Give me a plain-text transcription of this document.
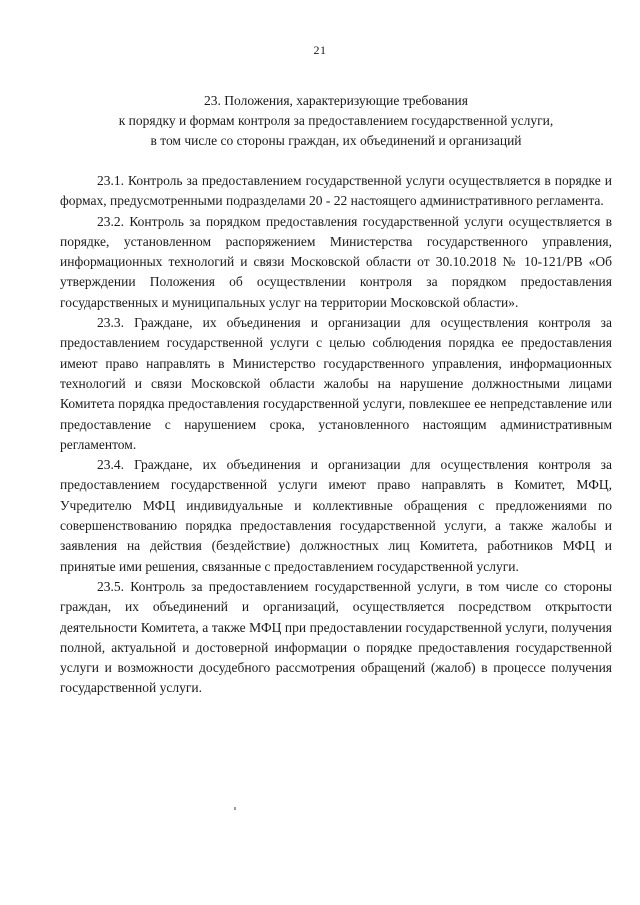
21
23. Положения, характеризующие требования
к порядку и формам контроля за предоставлением государственной услуги,
в том числе со стороны граждан, их объединений и организаций

23.1. Контроль за предоставлением государственной услуги осуществляется в порядке и формах, предусмотренными подразделами 20 - 22 настоящего административного регламента.

23.2. Контроль за порядком предоставления государственной услуги осуществляется в порядке, установленном распоряжением Министерства государственного управления, информационных технологий и связи Московской области от 30.10.2018 № 10-121/РВ «Об утверждении Положения об осуществлении контроля за порядком предоставления государственных и муниципальных услуг на территории Московской области».

23.3. Граждане, их объединения и организации для осуществления контроля за предоставлением государственной услуги с целью соблюдения порядка ее предоставления имеют право направлять в Министерство государственного управления, информационных технологий и связи Московской области жалобы на нарушение должностными лицами Комитета порядка предоставления государственной услуги, повлекшее ее непредставление или предоставление с нарушением срока, установленного настоящим административным регламентом.

23.4. Граждане, их объединения и организации для осуществления контроля за предоставлением государственной услуги имеют право направлять в Комитет, МФЦ, Учредителю МФЦ индивидуальные и коллективные обращения с предложениями по совершенствованию порядка предоставления государственной услуги, а также жалобы и заявления на действия (бездействие) должностных лиц Комитета, работников МФЦ и принятые ими решения, связанные с предоставлением государственной услуги.

23.5. Контроль за предоставлением государственной услуги, в том числе со стороны граждан, их объединений и организаций, осуществляется посредством открытости деятельности Комитета, а также МФЦ при предоставлении государственной услуги, получения полной, актуальной и достоверной информации о порядке предоставления государственной услуги и возможности досудебного рассмотрения обращений (жалоб) в процессе получения государственной услуги.
